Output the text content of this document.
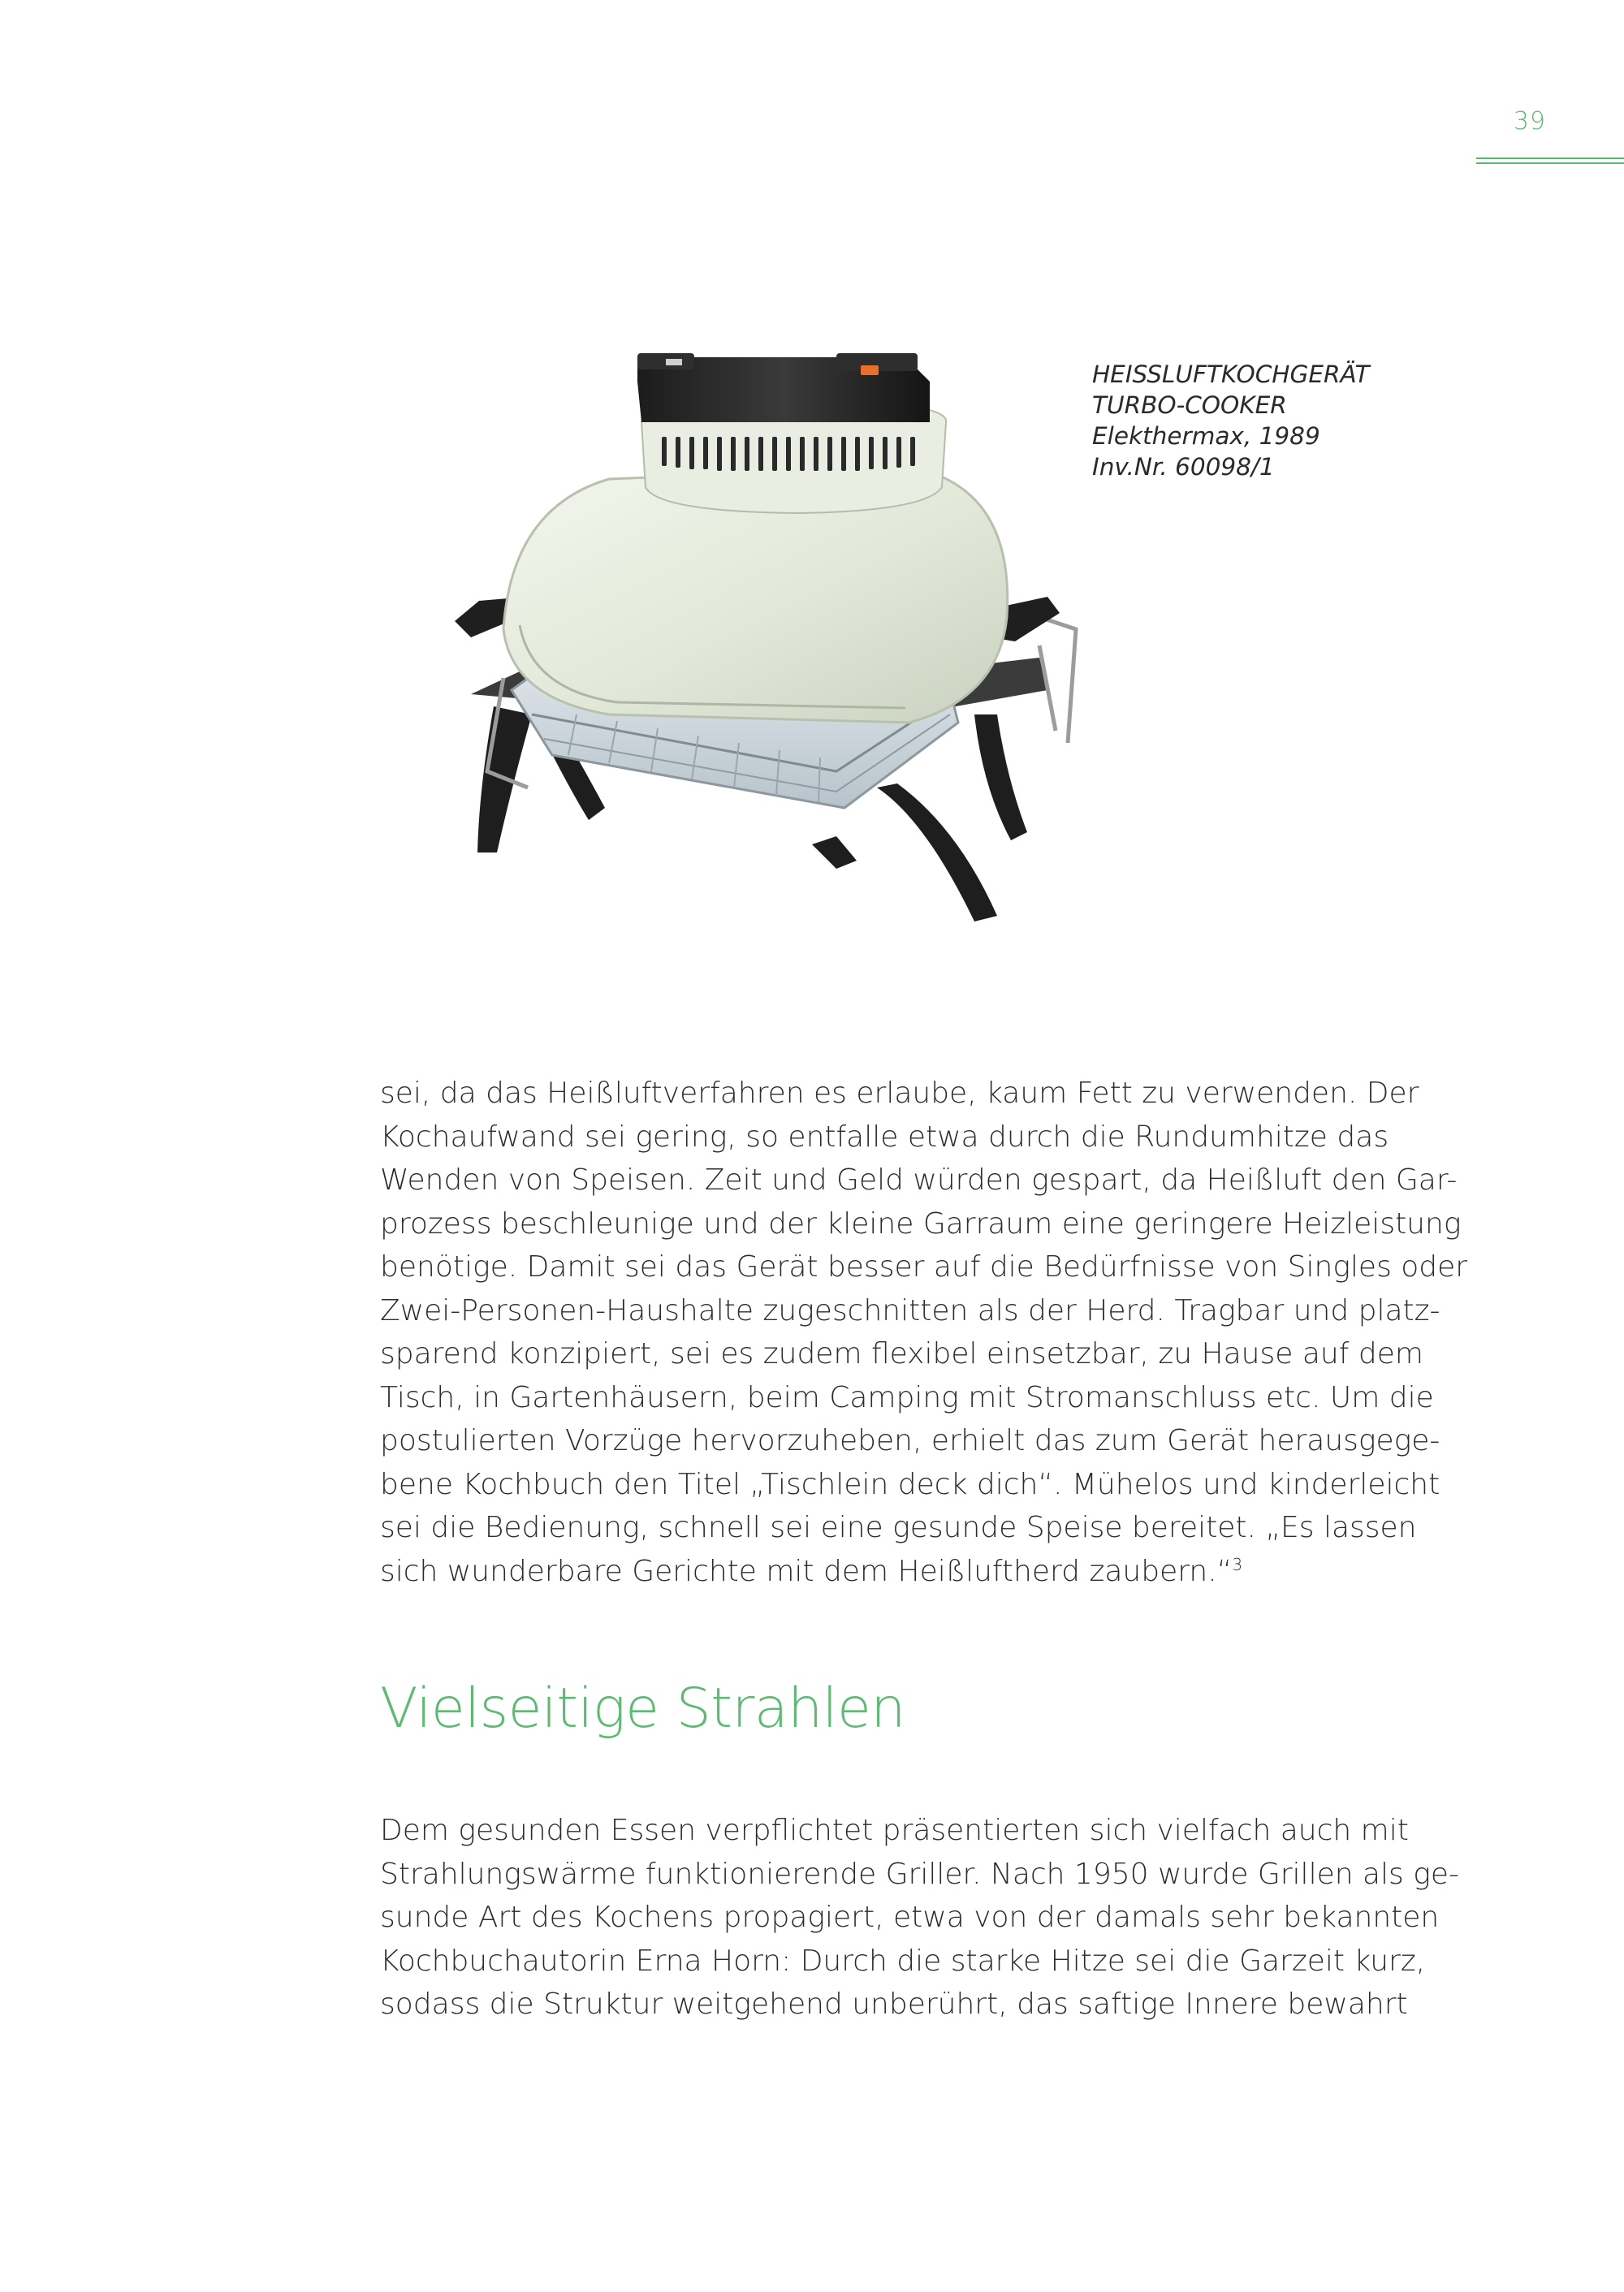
39
HEISSLUFTKOCHGERÄT
TURBO-COOKER
Elekthermax, 1989
Inv.Nr. 60098/1
sei, da das Heißluftverfahren es erlaube, kaum Fett zu verwenden. Der
Kochaufwand sei gering, so entfalle etwa durch die Rundumhitze das
Wenden von Speisen. Zeit und Geld würden gespart, da Heißluft den Gar-
prozess beschleunige und der kleine Garraum eine geringere Heizleistung
benötige. Damit sei das Gerät besser auf die Bedürfnisse von Singles oder
Zwei-Personen-Haushalte zugeschnitten als der Herd. Tragbar und platz-
sparend konzipiert, sei es zudem flexibel einsetzbar, zu Hause auf dem
Tisch, in Gartenhäusern, beim Camping mit Stromanschluss etc. Um die
postulierten Vorzüge hervorzuheben, erhielt das zum Gerät herausgege-
bene Kochbuch den Titel „Tischlein deck dich“. Mühelos und kinderleicht
sei die Bedienung, schnell sei eine gesunde Speise bereitet. „Es lassen
sich wunderbare Gerichte mit dem Heißluftherd zaubern.“$^3$
Vielseitige Strahlen
Dem gesunden Essen verpflichtet präsentierten sich vielfach auch mit
Strahlungswärme funktionierende Griller. Nach 1950 wurde Grillen als ge-
sunde Art des Kochens propagiert, etwa von der damals sehr bekannten
Kochbuchautorin Erna Horn: Durch die starke Hitze sei die Garzeit kurz,
sodass die Struktur weitgehend unberührt, das saftige Innere bewahrt
